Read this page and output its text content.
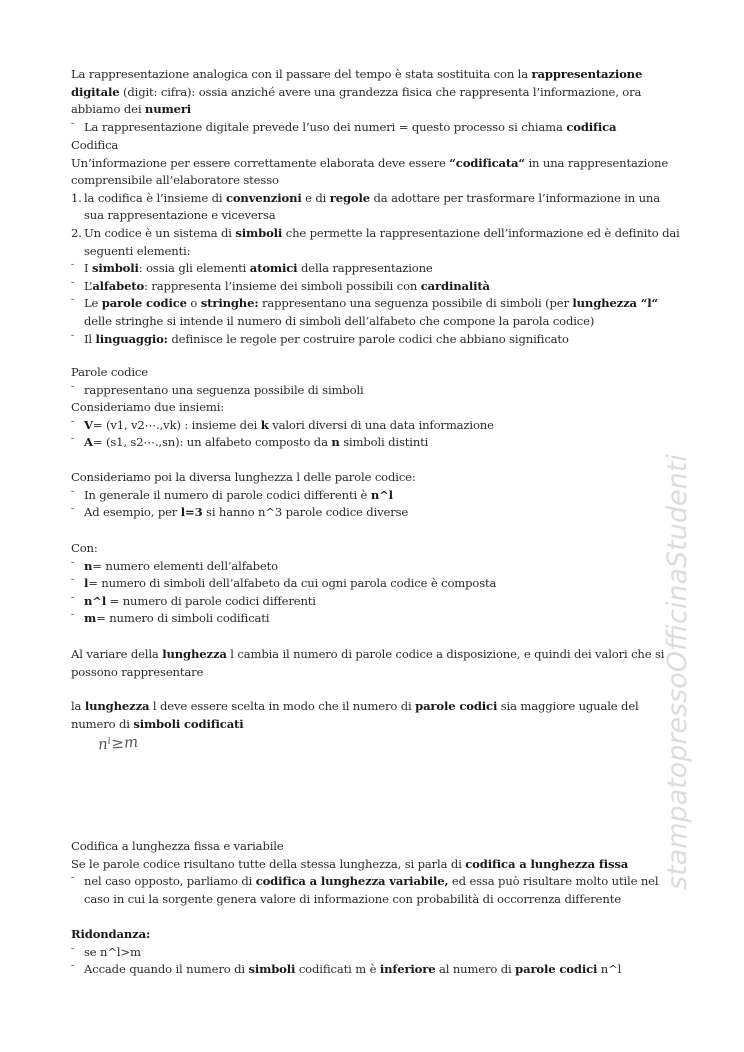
La rappresentazione analogica con il passare del tempo è stata sostituita con la rappresentazione digitale (digit: cifra): ossia anziché avere una grandezza fisica che rappresenta l’informazione, ora abbiamo dei numeri
- La rappresentazione digitale prevede l’uso dei numeri = questo processo si chiama codifica
Codifica
Un’informazione per essere correttamente elaborata deve essere “codificata“ in una rappresentazione comprensibile all’elaboratore stesso
1. la codifica è l’insieme di convenzioni e di regole da adottare per trasformare l’informazione in una sua rappresentazione e viceversa
2. Un codice è un sistema di simboli che permette la rappresentazione dell’informazione ed è definito dai seguenti elementi:
- I simboli: ossia gli elementi atomici della rappresentazione
- L’alfabeto: rappresenta l’insieme dei simboli possibili con cardinalità
- Le parole codice o stringhe: rappresentano una seguenza possibile di simboli (per lunghezza “l“ delle stringhe si intende il numero di simboli dell’alfabeto che compone la parola codice)
- Il linguaggio: definisce le regole per costruire parole codici che abbiano significato
Parole codice
- rappresentano una seguenza possibile di simboli
Consideriamo due insiemi:
- V= (v1, v2⋯.,vk) : insieme dei k valori diversi di una data informazione
- A= (s1, s2⋯.,sn): un alfabeto composto da n simboli distinti
Consideriamo poi la diversa lunghezza l delle parole codice:
- In generale il numero di parole codici differenti è n^l
- Ad esempio, per l=3 si hanno n^3 parole codice diverse
Con:
- n= numero elementi dell’alfabeto
- l= numero di simboli dell’alfabeto da cui ogni parola codice è composta
- n^l = numero di parole codici differenti
- m= numero di simboli codificati
Al variare della lunghezza l cambia il numero di parole codice a disposizione, e quindi dei valori che si possono rappresentare
la lunghezza l deve essere scelta in modo che il numero di parole codici sia maggiore uguale del numero di simboli codificati
Codifica a lunghezza fissa e variabile
Se le parole codice risultano tutte della stessa lunghezza, si parla di codifica a lunghezza fissa
- nel caso opposto, parliamo di codifica a lunghezza variabile, ed essa può risultare molto utile nel caso in cui la sorgente genera valore di informazione con probabilità di occorrenza differente
Ridondanza:
- se n^l>m
- Accade quando il numero di simboli codificati m è inferiore al numero di parole codici n^l
nˡ≥m	stampatopressoOfficinaStudenti
